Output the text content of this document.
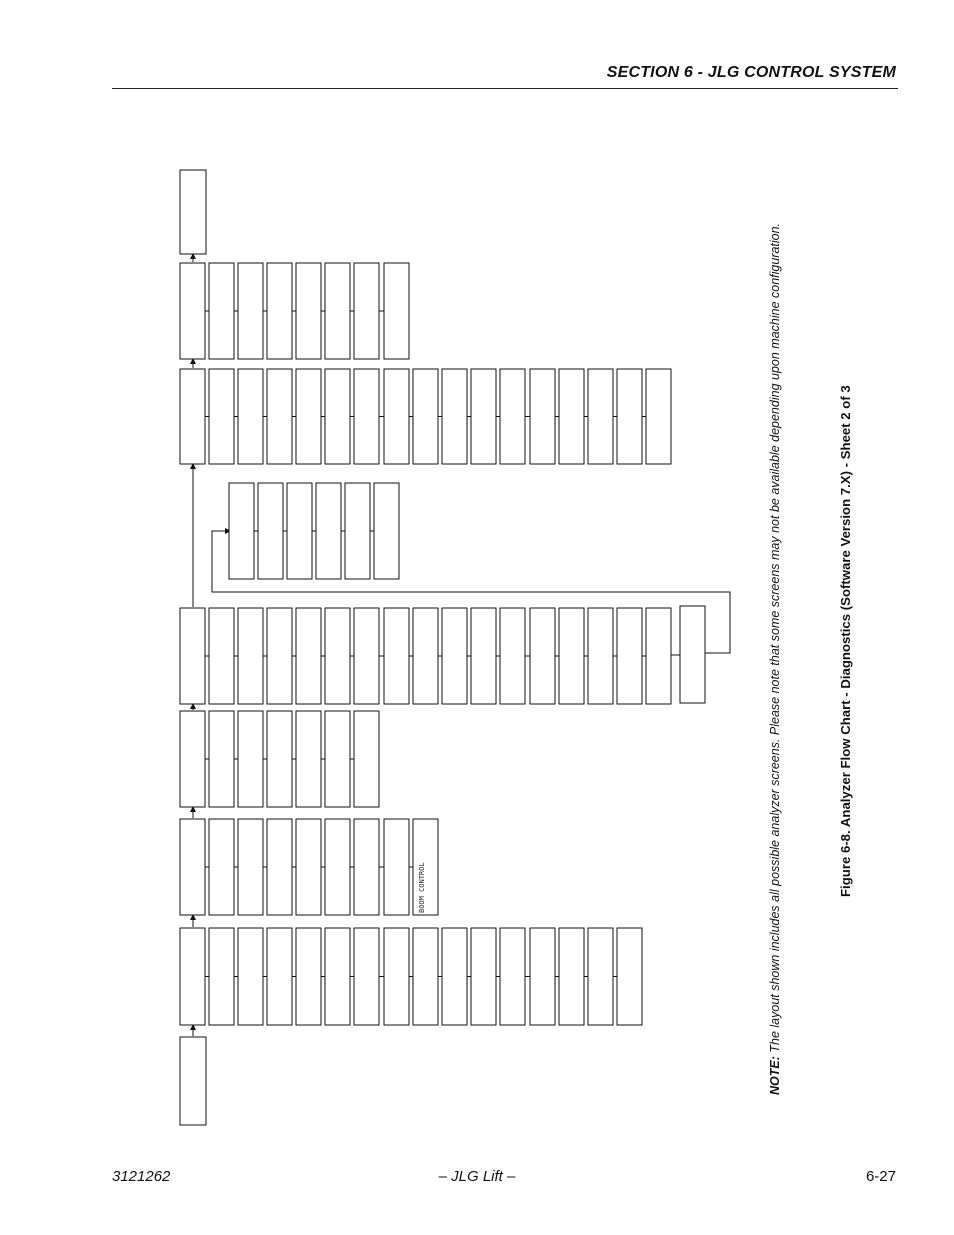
SECTION 6 - JLG CONTROL SYSTEM
BOOM CONTROL
NOTE: The layout shown includes all possible analyzer screens. Please note that some screens may not be available depending upon machine configuration.	Figure 6-8. Analyzer Flow Chart - Diagnostics (Software Version 7.X) - Sheet 2 of 3
3121262	– JLG Lift –	6-27
